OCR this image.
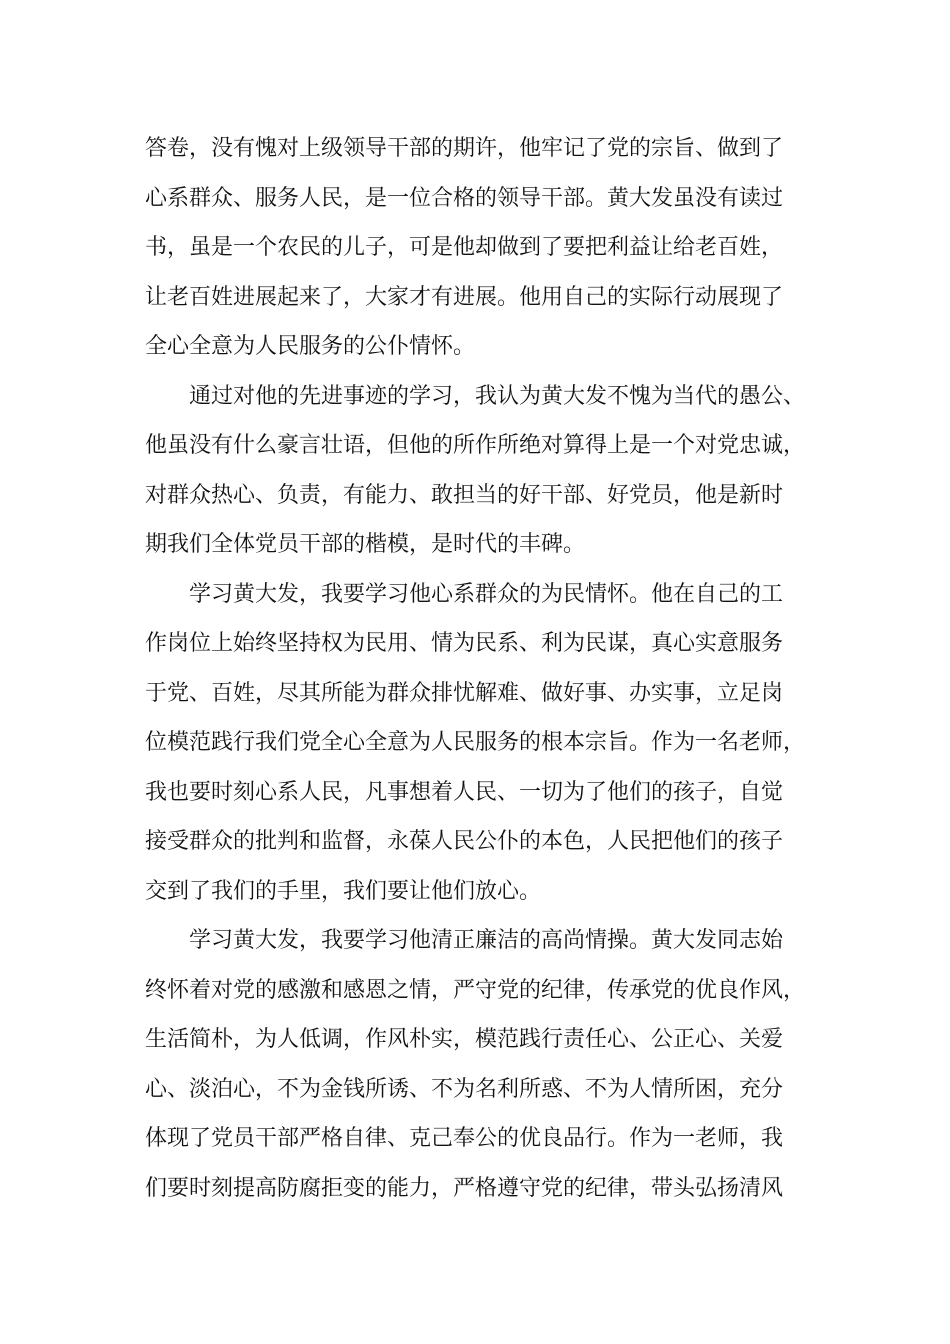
答卷，没有愧对上级领导干部的期许，他牢记了党的宗旨、做到了
心系群众、服务人民，是一位合格的领导干部。黄大发虽没有读过
书，虽是一个农民的儿子，可是他却做到了要把利益让给老百姓，
让老百姓进展起来了，大家才有进展。他用自己的实际行动展现了
全心全意为人民服务的公仆情怀。
通过对他的先进事迹的学习，我认为黄大发不愧为当代的愚公、
他虽没有什么豪言壮语，但他的所作所绝对算得上是一个对党忠诚，
对群众热心、负责，有能力、敢担当的好干部、好党员，他是新时
期我们全体党员干部的楷模，是时代的丰碑。
学习黄大发，我要学习他心系群众的为民情怀。他在自己的工
作岗位上始终坚持权为民用、情为民系、利为民谋，真心实意服务
于党、百姓，尽其所能为群众排忧解难、做好事、办实事，立足岗
位模范践行我们党全心全意为人民服务的根本宗旨。作为一名老师，
我也要时刻心系人民，凡事想着人民、一切为了他们的孩子，自觉
接受群众的批判和监督，永葆人民公仆的本色，人民把他们的孩子
交到了我们的手里，我们要让他们放心。
学习黄大发，我要学习他清正廉洁的高尚情操。黄大发同志始
终怀着对党的感激和感恩之情，严守党的纪律，传承党的优良作风，
生活简朴，为人低调，作风朴实，模范践行责任心、公正心、关爱
心、淡泊心，不为金钱所诱、不为名利所惑、不为人情所困，充分
体现了党员干部严格自律、克己奉公的优良品行。作为一老师，我
们要时刻提高防腐拒变的能力，严格遵守党的纪律，带头弘扬清风
